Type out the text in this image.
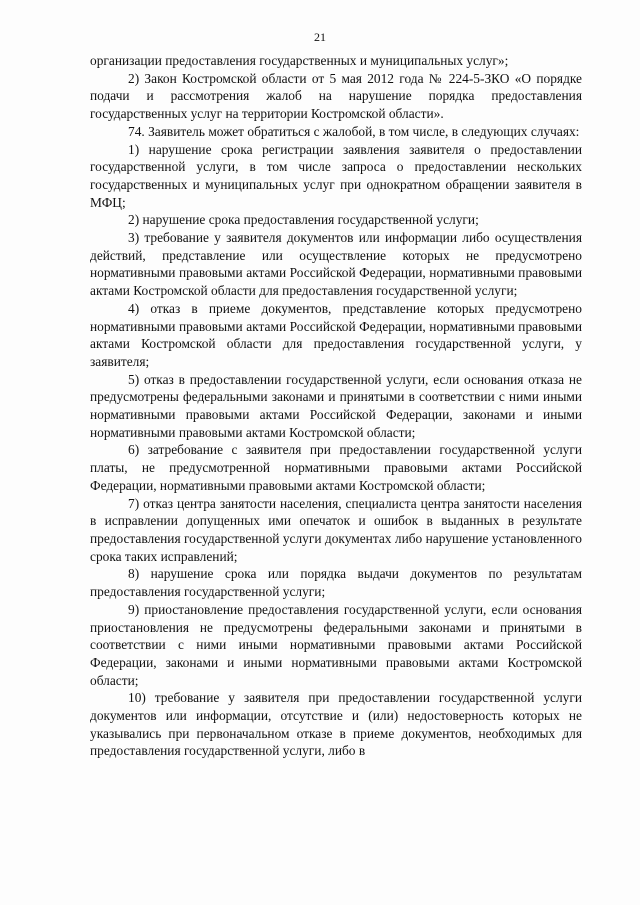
21

организации предоставления государственных и муниципальных услуг»;

2) Закон Костромской области от 5 мая 2012 года № 224-5-ЗКО «О порядке подачи и рассмотрения жалоб на нарушение порядка предоставления государственных услуг на территории Костромской области».

74. Заявитель может обратиться с жалобой, в том числе, в следующих случаях:

1) нарушение срока регистрации заявления заявителя о предоставлении государственной услуги, в том числе запроса о предоставлении нескольких государственных и муниципальных услуг при однократном обращении заявителя в МФЦ;

2) нарушение срока предоставления государственной услуги;

3) требование у заявителя документов или информации либо осуществления действий, представление или осуществление которых не предусмотрено нормативными правовыми актами Российской Федерации, нормативными правовыми актами Костромской области для предоставления государственной услуги;

4) отказ в приеме документов, представление которых предусмотрено нормативными правовыми актами Российской Федерации, нормативными правовыми актами Костромской области для предоставления государственной услуги, у заявителя;

5) отказ в предоставлении государственной услуги, если основания отказа не предусмотрены федеральными законами и принятыми в соответствии с ними иными нормативными правовыми актами Российской Федерации, законами и иными нормативными правовыми актами Костромской области;

6) затребование с заявителя при предоставлении государственной услуги платы, не предусмотренной нормативными правовыми актами Российской Федерации, нормативными правовыми актами Костромской области;

7) отказ центра занятости населения, специалиста центра занятости населения в исправлении допущенных ими опечаток и ошибок в выданных в результате предоставления государственной услуги документах либо нарушение установленного срока таких исправлений;

8) нарушение срока или порядка выдачи документов по результатам предоставления государственной услуги;

9) приостановление предоставления государственной услуги, если основания приостановления не предусмотрены федеральными законами и принятыми в соответствии с ними иными нормативными правовыми актами Российской Федерации, законами и иными нормативными правовыми актами Костромской области;

10) требование у заявителя при предоставлении государственной услуги документов или информации, отсутствие и (или) недостоверность которых не указывались при первоначальном отказе в приеме документов, необходимых для предоставления государственной услуги, либо в
